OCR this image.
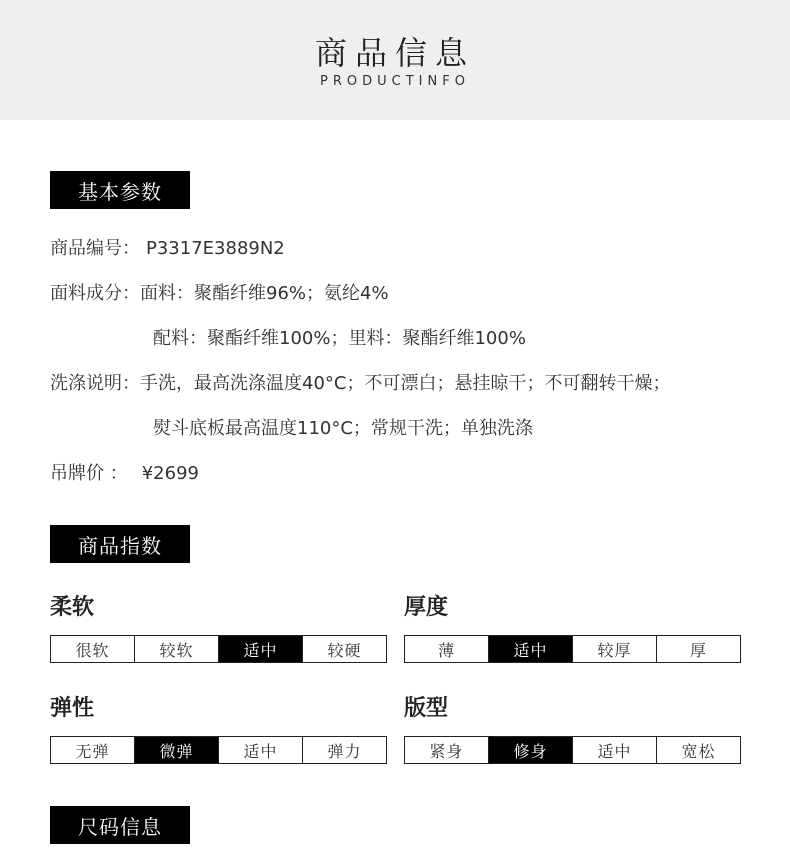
商品信息
PRODUCTINFO
基本参数
商品编号： P3317E3889N2
面料成分：面料：聚酯纤维96%；氨纶4%
配料：聚酯纤维100%；里料：聚酯纤维100%
洗涤说明：手洗，最高洗涤温度40°C；不可漂白；悬挂晾干；不可翻转干燥；
熨斗底板最高温度110°C；常规干洗；单独洗涤
吊牌价 ： ¥2699
商品指数
柔软
很软	较软	适中	较硬
厚度
薄	适中	较厚	厚
弹性
无弹	微弹	适中	弹力
版型
紧身	修身	适中	宽松
尺码信息
